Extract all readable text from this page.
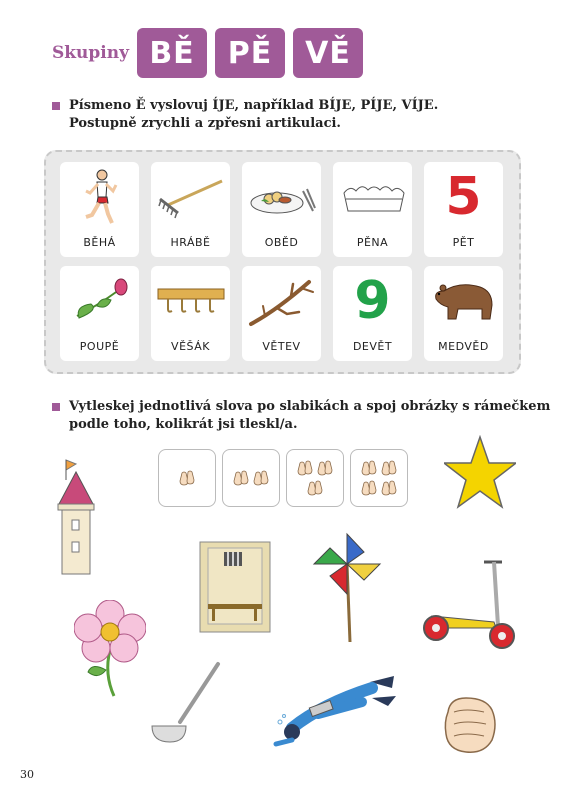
Skupiny BĚ	PĚ	VĚ
Písmeno Ě vyslovuj ÍJE, například BÍJE, PÍJE, VÍJE.
Postupně zrychli a zpřesni artikulaci.
BĚHÁ	HRÁBĚ	OBĚD	PĚNA
5
PĚT
POUPĚ	VĚŠÁK	VĚTEV
9
DEVĚT	MEDVĚD
Vytleskej jednotlivá slova po slabikách a spoj obrázky s rámečkem
podle toho, kolikrát jsi tleskl/a.
30
